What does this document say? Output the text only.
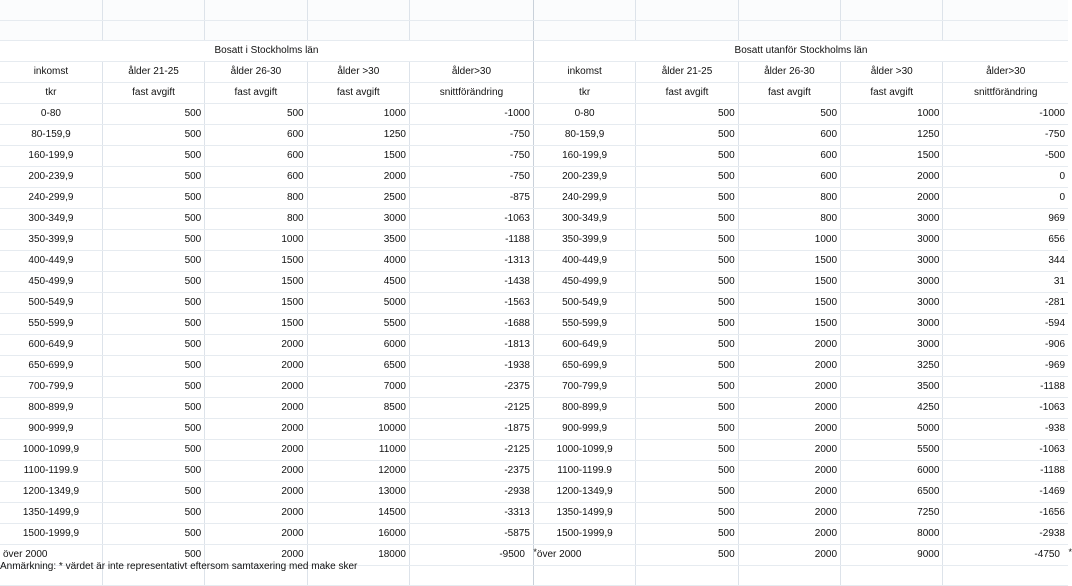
Bosatt i Stockholms län					Bosatt utanför Stockholms län				
inkomst	ålder 21-25	ålder 26-30	ålder >30	ålder>30	inkomst	ålder 21-25	ålder 26-30	ålder >30	ålder>30
tkr	fast avgift	fast avgift	fast avgift	snittförändring	tkr	fast avgift	fast avgift	fast avgift	snittförändring
0-80	500	500	1000	-1000	0-80	500	500	1000	-1000
80-159,9	500	600	1250	-750	80-159,9	500	600	1250	-750
160-199,9	500	600	1500	-750	160-199,9	500	600	1500	-500
200-239,9	500	600	2000	-750	200-239,9	500	600	2000	0
240-299,9	500	800	2500	-875	240-299,9	500	800	2000	0
300-349,9	500	800	3000	-1063	300-349,9	500	800	3000	969
350-399,9	500	1000	3500	-1188	350-399,9	500	1000	3000	656
400-449,9	500	1500	4000	-1313	400-449,9	500	1500	3000	344
450-499,9	500	1500	4500	-1438	450-499,9	500	1500	3000	31
500-549,9	500	1500	5000	-1563	500-549,9	500	1500	3000	-281
550-599,9	500	1500	5500	-1688	550-599,9	500	1500	3000	-594
600-649,9	500	2000	6000	-1813	600-649,9	500	2000	3000	-906
650-699,9	500	2000	6500	-1938	650-699,9	500	2000	3250	-969
700-799,9	500	2000	7000	-2375	700-799,9	500	2000	3500	-1188
800-899,9	500	2000	8500	-2125	800-899,9	500	2000	4250	-1063
900-999,9	500	2000	10000	-1875	900-999,9	500	2000	5000	-938
1000-1099,9	500	2000	11000	-2125	1000-1099,9	500	2000	5500	-1063
1100-1199.9	500	2000	12000	-2375	1100-1199.9	500	2000	6000	-1188
1200-1349,9	500	2000	13000	-2938	1200-1349,9	500	2000	6500	-1469
1350-1499,9	500	2000	14500	-3313	1350-1499,9	500	2000	7250	-1656
1500-1999,9	500	2000	16000	-5875	1500-1999,9	500	2000	8000	-2938
över 2000	500	2000	18000	-9500 *	över 2000	500	2000	9000	-4750 *

Anmärkning: * värdet är inte representativt eftersom samtaxering med make sker
